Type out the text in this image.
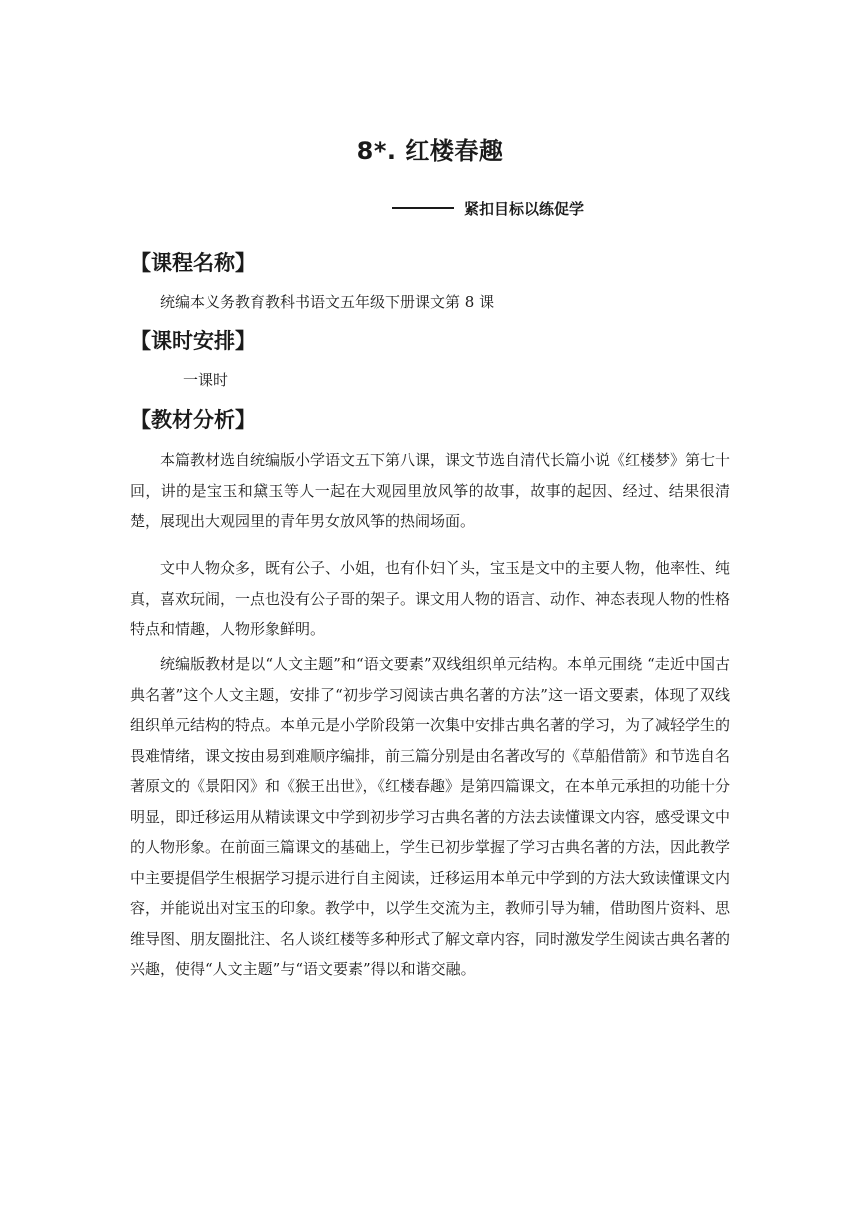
8*. 红楼春趣
紧扣目标以练促学
【课程名称】
统编本义务教育教科书语文五年级下册课文第 8 课
【课时安排】
一课时
【教材分析】

本篇教材选自统编版小学语文五下第八课，课文节选自清代长篇小说《红楼梦》第七十回，讲的是宝玉和黛玉等人一起在大观园里放风筝的故事，故事的起因、经过、结果很清楚，展现出大观园里的青年男女放风筝的热闹场面。

文中人物众多，既有公子、小姐，也有仆妇丫头，宝玉是文中的主要人物，他率性、纯真，喜欢玩闹，一点也没有公子哥的架子。课文用人物的语言、动作、神态表现人物的性格特点和情趣，人物形象鲜明。

统编版教材是以“人文主题”和“语文要素”双线组织单元结构。本单元围绕 “走近中国古典名著”这个人文主题，安排了“初步学习阅读古典名著的方法”这一语文要素，体现了双线组织单元结构的特点。本单元是小学阶段第一次集中安排古典名著的学习，为了减轻学生的畏难情绪，课文按由易到难顺序编排，前三篇分别是由名著改写的《草船借箭》和节选自名著原文的《景阳冈》和《猴王出世》，《红楼春趣》是第四篇课文，在本单元承担的功能十分明显，即迁移运用从精读课文中学到初步学习古典名著的方法去读懂课文内容，感受课文中的人物形象。在前面三篇课文的基础上，学生已初步掌握了学习古典名著的方法，因此教学中主要提倡学生根据学习提示进行自主阅读，迁移运用本单元中学到的方法大致读懂课文内容，并能说出对宝玉的印象。教学中，以学生交流为主，教师引导为辅，借助图片资料、思维导图、朋友圈批注、名人谈红楼等多种形式了解文章内容，同时激发学生阅读古典名著的兴趣，使得“人文主题”与“语文要素”得以和谐交融。
